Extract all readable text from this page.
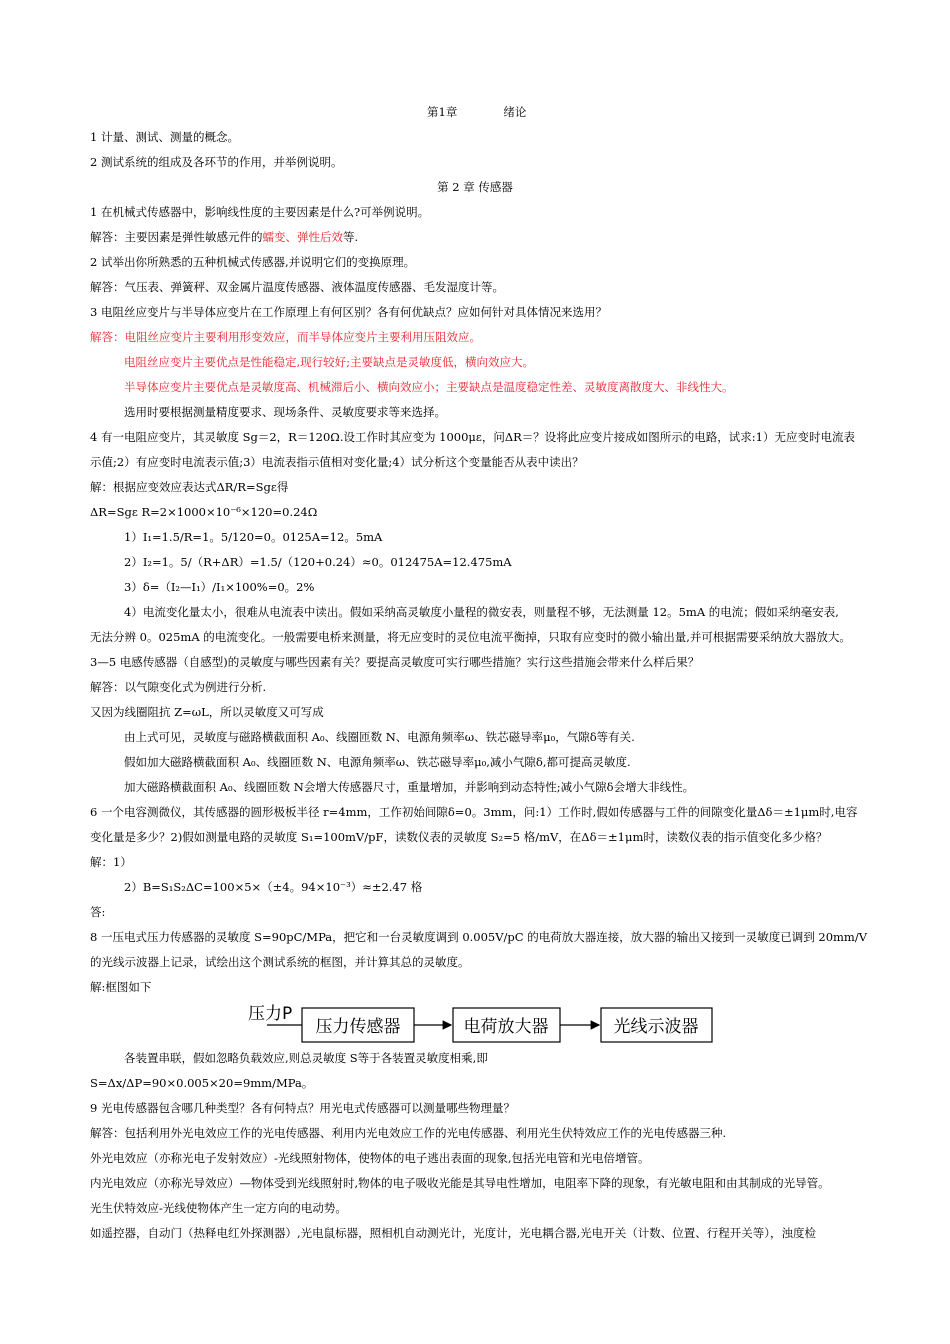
第1章	绪论
1 计量、测试、测量的概念。
2 测试系统的组成及各环节的作用，并举例说明。
第 2 章 传感器
1 在机械式传感器中，影响线性度的主要因素是什么?可举例说明。
解答：主要因素是弹性敏感元件的蠕变、弹性后效等.
2 试举出你所熟悉的五种机械式传感器,并说明它们的变换原理。
解答：气压表、弹簧秤、双金属片温度传感器、液体温度传感器、毛发湿度计等。
3 电阻丝应变片与半导体应变片在工作原理上有何区别？各有何优缺点？应如何针对具体情况来选用？
解答：电阻丝应变片主要利用形变效应，而半导体应变片主要利用压阻效应。
电阻丝应变片主要优点是性能稳定,现行较好;主要缺点是灵敏度低，横向效应大。
半导体应变片主要优点是灵敏度高、机械滞后小、横向效应小；主要缺点是温度稳定性差、灵敏度离散度大、非线性大。
选用时要根据测量精度要求、现场条件、灵敏度要求等来选择。
4 有一电阻应变片，其灵敏度 Sg＝2，R＝120Ω.设工作时其应变为 1000με，问ΔR＝？设将此应变片接成如图所示的电路，试求:1）无应变时电流表
示值;2）有应变时电流表示值;3）电流表指示值相对变化量;4）试分析这个变量能否从表中读出？
解：根据应变效应表达式ΔR/R=Sgε得
ΔR=Sgε R=2×1000×10⁻⁶×120=0.24Ω
1）I₁=1.5/R=1。5/120=0。0125A=12。5mA
2）I₂=1。5/（R+ΔR）=1.5/（120+0.24）≈0。012475A=12.475mA
3）δ=（I₂—I₁）/I₁×100%=0。2%
4）电流变化量太小，很难从电流表中读出。假如采纳高灵敏度小量程的微安表，则量程不够，无法测量 12。5mA 的电流；假如采纳毫安表,
无法分辨 0。025mA 的电流变化。一般需要电桥来测量，将无应变时的灵位电流平衡掉，只取有应变时的微小输出量,并可根据需要采纳放大器放大。
3—5 电感传感器（自感型)的灵敏度与哪些因素有关？要提高灵敏度可实行哪些措施？实行这些措施会带来什么样后果？
解答：以气隙变化式为例进行分析.
又因为线圈阻抗 Z=ωL，所以灵敏度又可写成
由上式可见，灵敏度与磁路横截面积 A₀、线圈匝数 N、电源角频率ω、铁芯磁导率μ₀，气隙δ等有关.
假如加大磁路横截面积 A₀、线圈匝数 N、电源角频率ω、铁芯磁导率μ₀,减小气隙δ,都可提高灵敏度.
加大磁路横截面积 A₀、线圈匝数 N会增大传感器尺寸，重量增加，并影响到动态特性;减小气隙δ会增大非线性。
6 一个电容测微仪，其传感器的圆形极板半径 r=4mm，工作初始间隙δ=0。3mm，问:1）工作时,假如传感器与工件的间隙变化量Δδ＝±1μm时,电容
变化量是多少？2)假如测量电路的灵敏度 S₁=100mV/pF，读数仪表的灵敏度 S₂=5 格/mV，在Δδ＝±1μm时，读数仪表的指示值变化多少格？
解：1）
2）B=S₁S₂ΔC=100×5×（±4。94×10⁻³）≈±2.47 格
答:
8 一压电式压力传感器的灵敏度 S=90pC/MPa，把它和一台灵敏度调到 0.005V/pC 的电荷放大器连接，放大器的输出又接到一灵敏度已调到 20mm/V
的光线示波器上记录，试绘出这个测试系统的框图，并计算其总的灵敏度。
解:框图如下
压力P
压力传感器	电荷放大器	光线示波器
各装置串联，假如忽略负载效应,则总灵敏度 S等于各装置灵敏度相乘,即
S=Δx/ΔP=90×0.005×20=9mm/MPa。
9 光电传感器包含哪几种类型？各有何特点？用光电式传感器可以测量哪些物理量？
解答：包括利用外光电效应工作的光电传感器、利用内光电效应工作的光电传感器、利用光生伏特效应工作的光电传感器三种.
外光电效应（亦称光电子发射效应）-光线照射物体，使物体的电子逃出表面的现象,包括光电管和光电倍增管。
内光电效应（亦称光导效应）—物体受到光线照射时,物体的电子吸收光能是其导电性增加，电阻率下降的现象，有光敏电阻和由其制成的光导管。
光生伏特效应-光线使物体产生一定方向的电动势。
如遥控器，自动门（热释电红外探测器）,光电鼠标器，照相机自动测光计，光度计，光电耦合器,光电开关（计数、位置、行程开关等），浊度检
